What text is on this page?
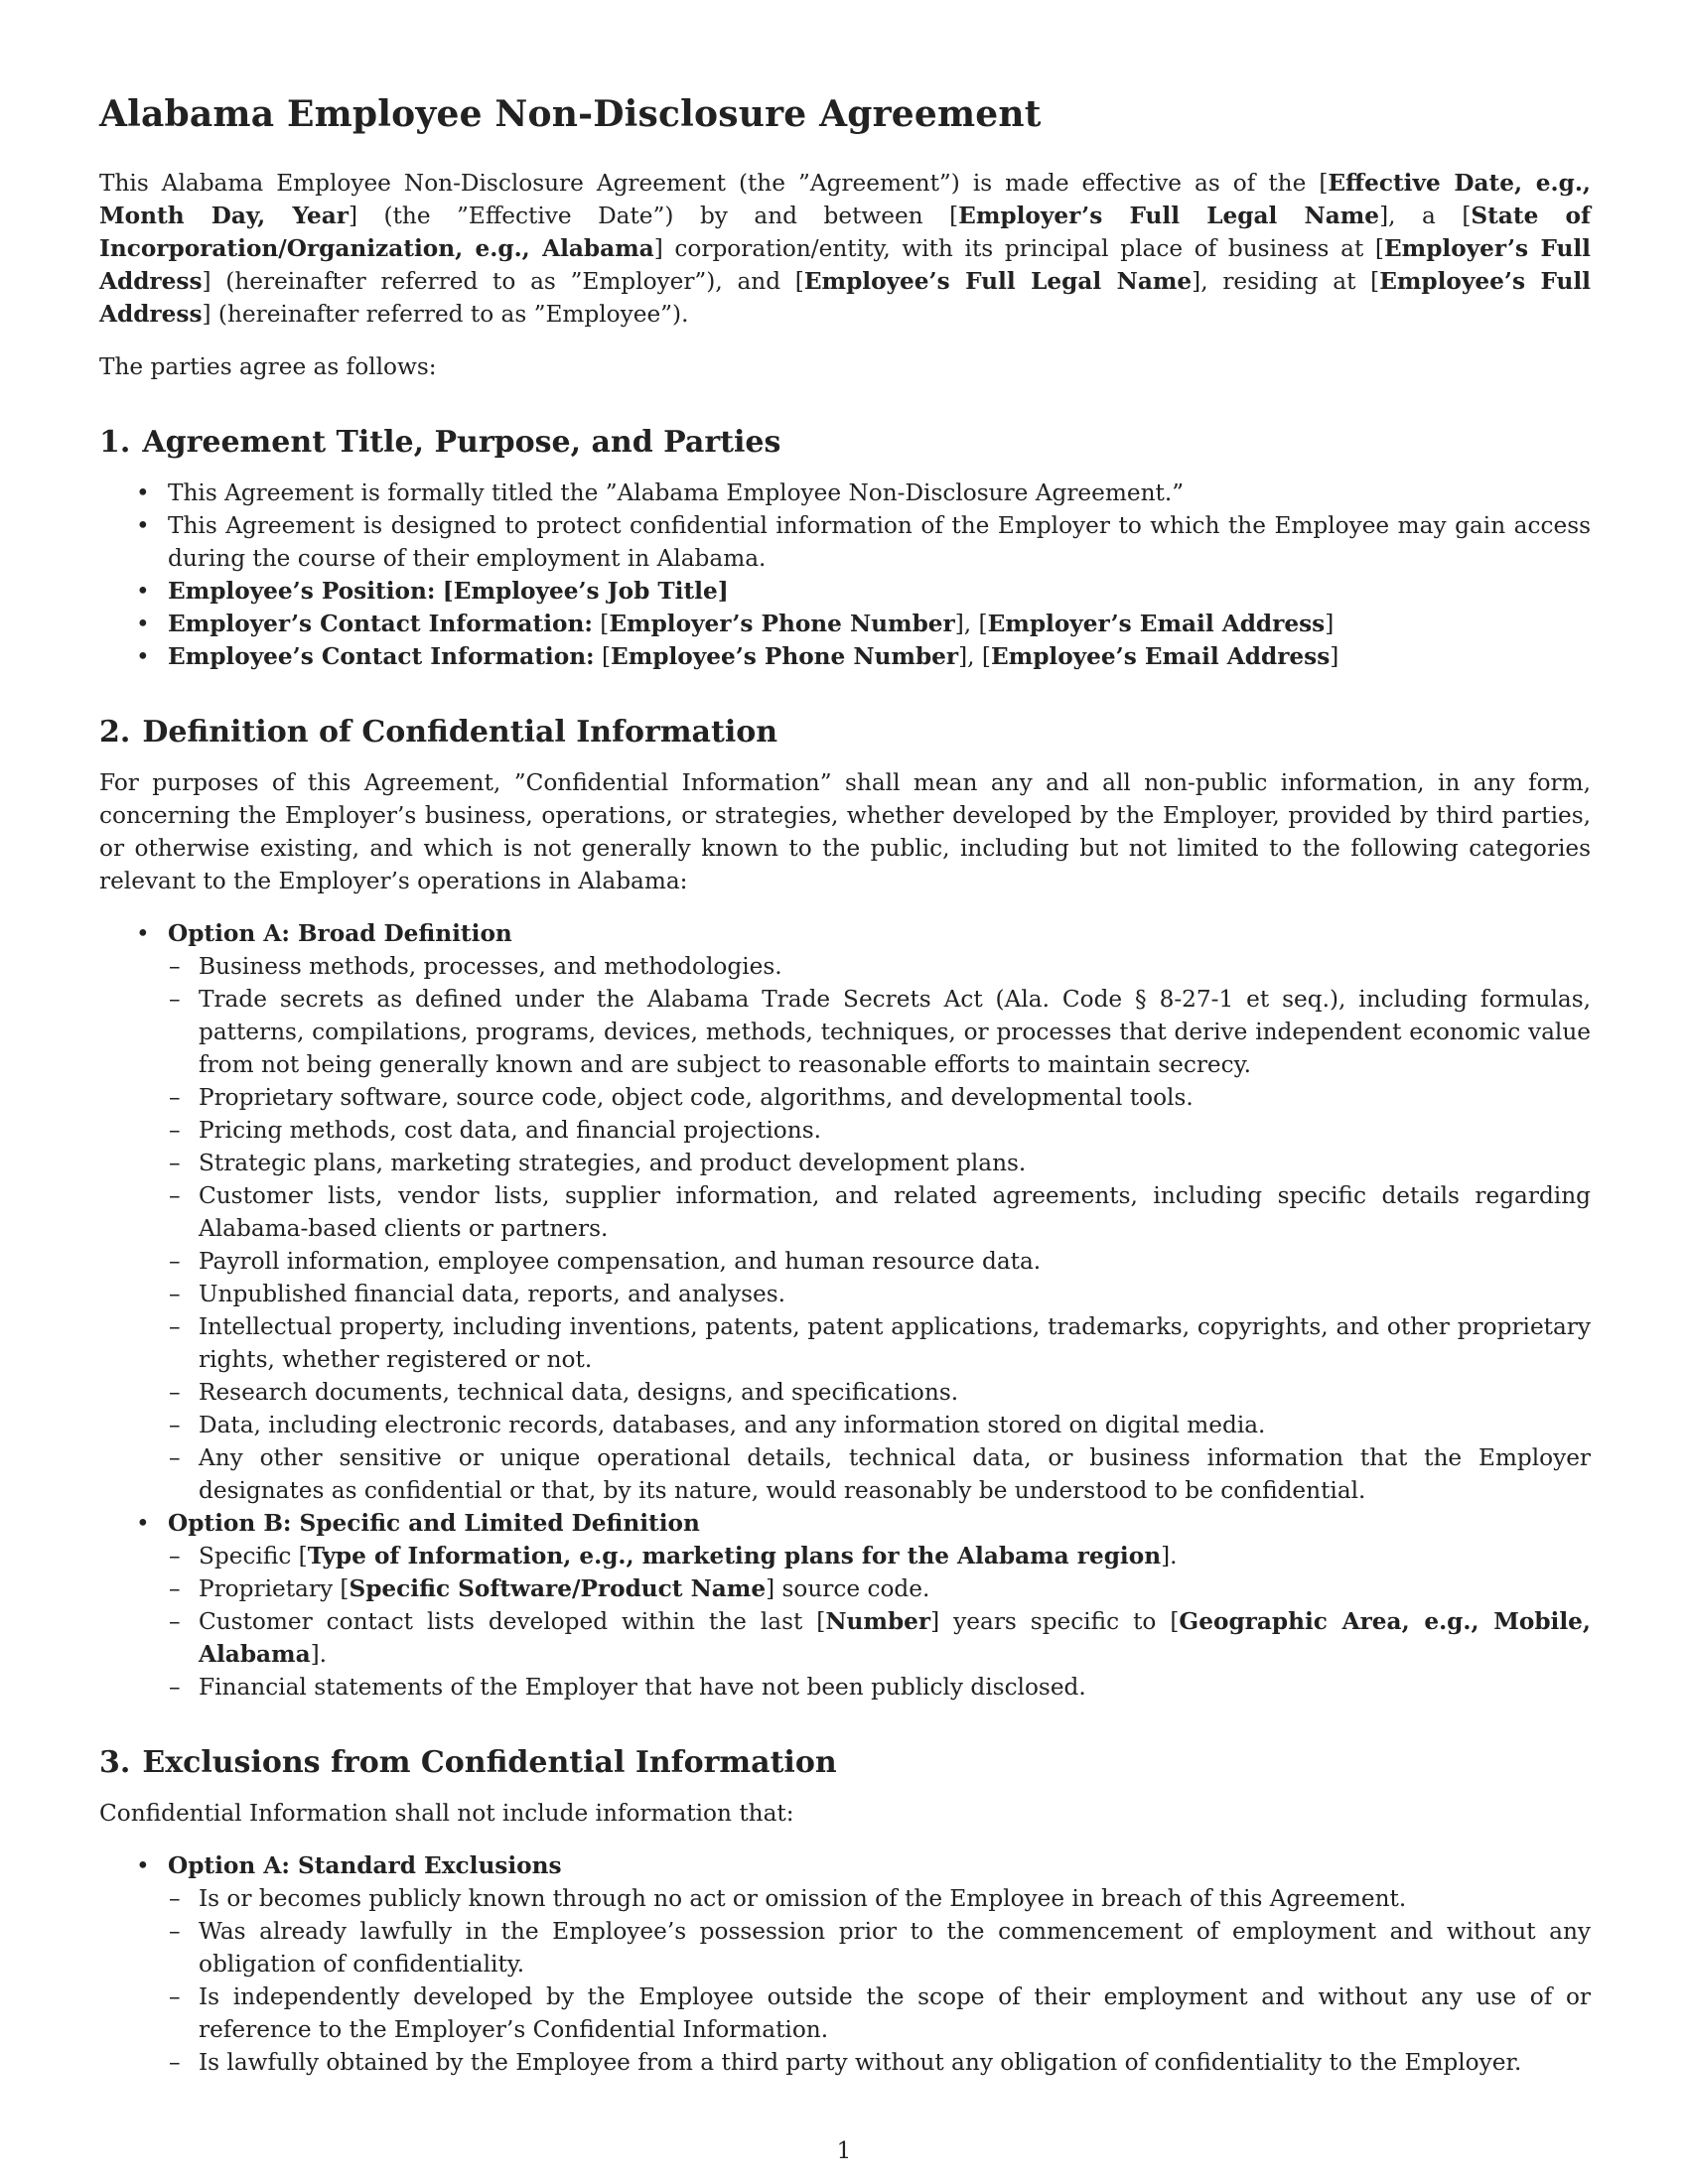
Alabama Employee Non-Disclosure Agreement

This Alabama Employee Non-Disclosure Agreement (the ”Agreement”) is made effective as of the [Effective Date, e.g., Month Day, Year] (the ”Effective Date”) by and between [Employer’s Full Legal Name], a [State of Incorporation/Organization, e.g., Alabama] corporation/entity, with its principal place of business at [Employer’s Full Address] (hereinafter referred to as ”Employer”), and [Employee’s Full Legal Name], residing at [Employee’s Full Address] (hereinafter referred to as ”Employee”).

The parties agree as follows:

1. Agreement Title, Purpose, and Parties
• This Agreement is formally titled the ”Alabama Employee Non-Disclosure Agreement.”
• This Agreement is designed to protect confidential information of the Employer to which the Employee may gain access during the course of their employment in Alabama.
• Employee’s Position: [Employee’s Job Title]
• Employer’s Contact Information: [Employer’s Phone Number], [Employer’s Email Address]
• Employee’s Contact Information: [Employee’s Phone Number], [Employee’s Email Address]
2. Definition of Confidential Information

For purposes of this Agreement, ”Confidential Information” shall mean any and all non-public information, in any form, concerning the Employer’s business, operations, or strategies, whether developed by the Employer, provided by third parties, or otherwise existing, and which is not generally known to the public, including but not limited to the following categories relevant to the Employer’s operations in Alabama:

• Option A: Broad Definition
– Business methods, processes, and methodologies.
– Trade secrets as defined under the Alabama Trade Secrets Act (Ala. Code § 8-27-1 et seq.), including formulas, patterns, compilations, programs, devices, methods, techniques, or processes that derive independent economic value from not being generally known and are subject to reasonable efforts to maintain secrecy.
– Proprietary software, source code, object code, algorithms, and developmental tools.
– Pricing methods, cost data, and financial projections.
– Strategic plans, marketing strategies, and product development plans.
– Customer lists, vendor lists, supplier information, and related agreements, including specific details regarding Alabama-based clients or partners.
– Payroll information, employee compensation, and human resource data.
– Unpublished financial data, reports, and analyses.
– Intellectual property, including inventions, patents, patent applications, trademarks, copyrights, and other proprietary rights, whether registered or not.
– Research documents, technical data, designs, and specifications.
– Data, including electronic records, databases, and any information stored on digital media.
– Any other sensitive or unique operational details, technical data, or business information that the Employer designates as confidential or that, by its nature, would reasonably be understood to be confidential.
• Option B: Specific and Limited Definition
– Specific [Type of Information, e.g., marketing plans for the Alabama region].
– Proprietary [Specific Software/Product Name] source code.
– Customer contact lists developed within the last [Number] years specific to [Geographic Area, e.g., Mobile, Alabama].
– Financial statements of the Employer that have not been publicly disclosed.
3. Exclusions from Confidential Information

Confidential Information shall not include information that:

• Option A: Standard Exclusions
– Is or becomes publicly known through no act or omission of the Employee in breach of this Agreement.
– Was already lawfully in the Employee’s possession prior to the commencement of employment and without any obligation of confidentiality.
– Is independently developed by the Employee outside the scope of their employment and without any use of or reference to the Employer’s Confidential Information.
– Is lawfully obtained by the Employee from a third party without any obligation of confidentiality to the Employer.
1
